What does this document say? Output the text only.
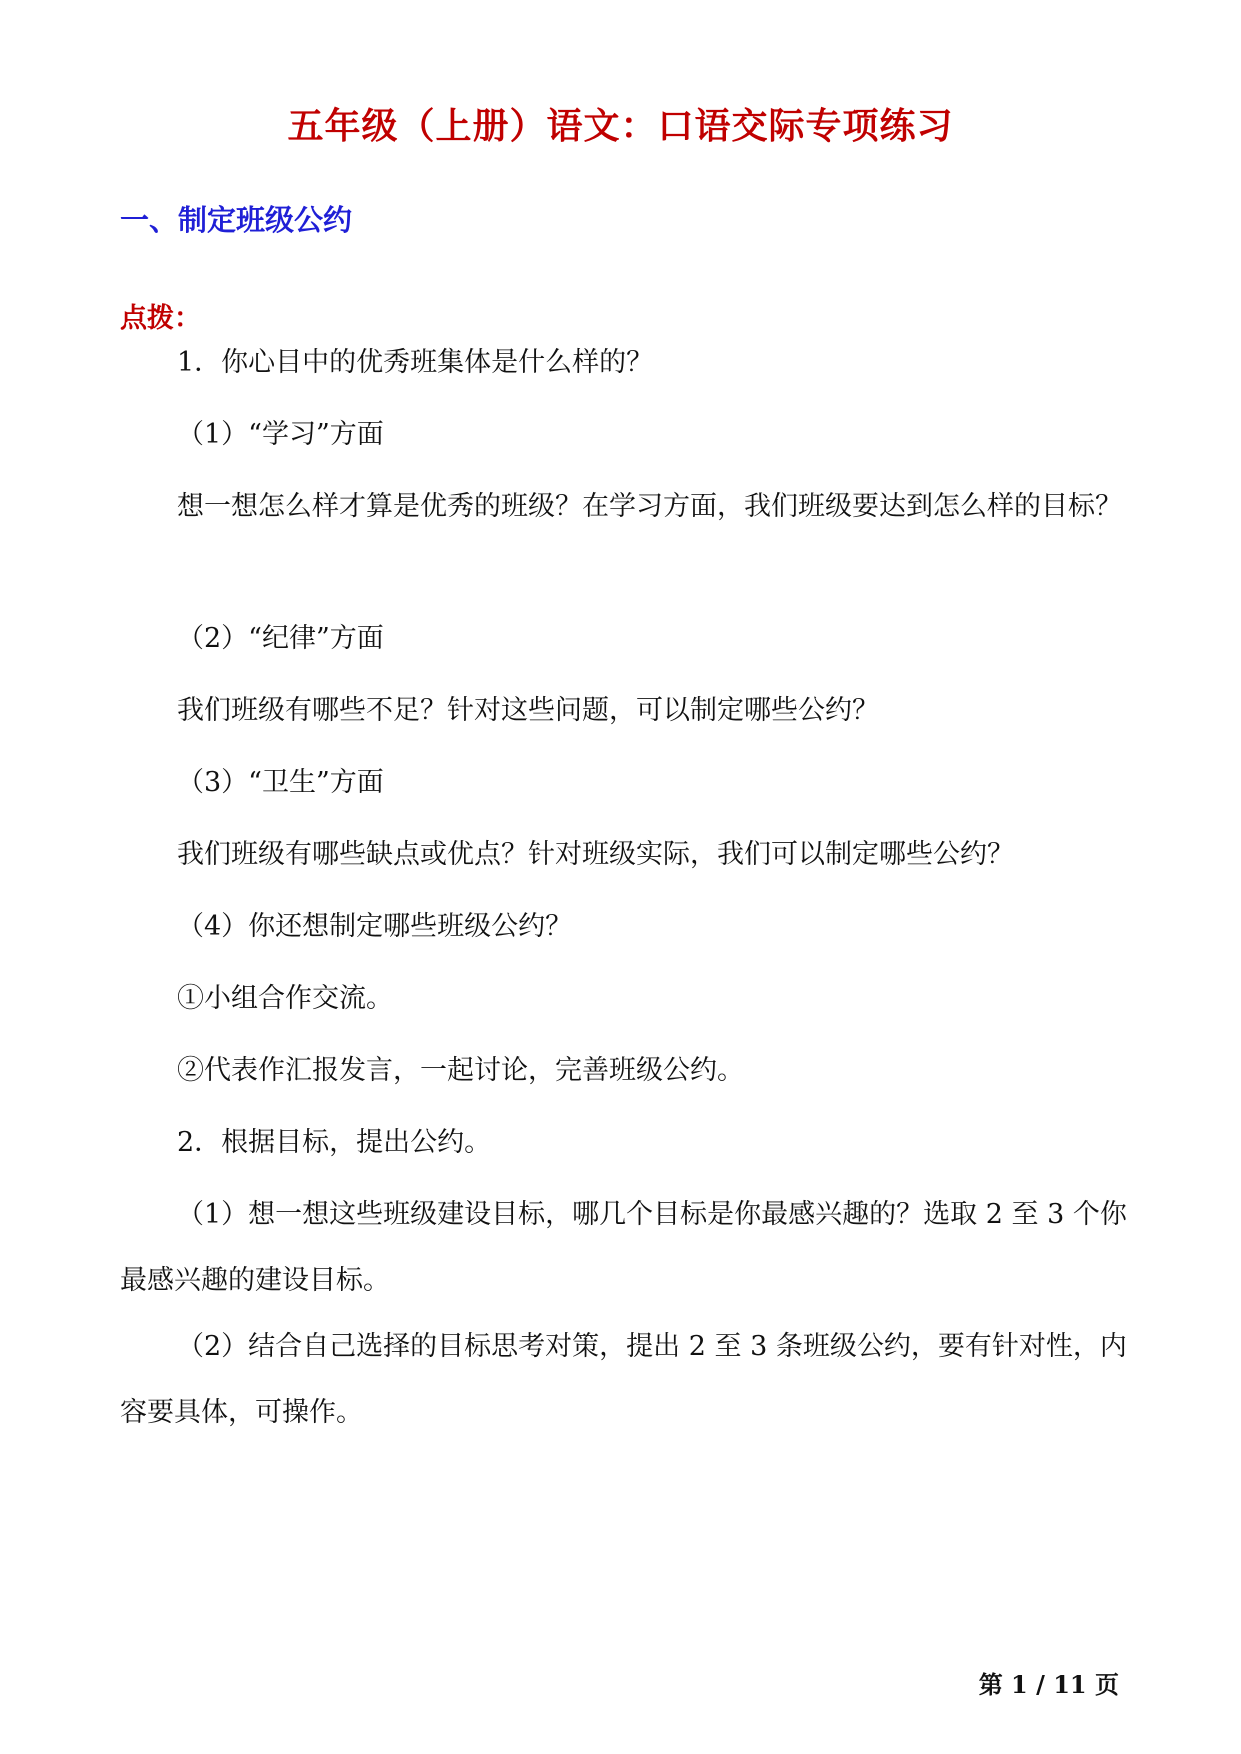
五年级（上册）语文：口语交际专项练习
一、制定班级公约
点拨：

1．你心目中的优秀班集体是什么样的？

（1）“学习”方面

想一想怎么样才算是优秀的班级？在学习方面，我们班级要达到怎么样的目标？

（2）“纪律”方面

我们班级有哪些不足？针对这些问题，可以制定哪些公约？

（3）“卫生”方面

我们班级有哪些缺点或优点？针对班级实际，我们可以制定哪些公约？

（4）你还想制定哪些班级公约？

①小组合作交流。

②代表作汇报发言，一起讨论，完善班级公约。

2．根据目标，提出公约。

（1）想一想这些班级建设目标，哪几个目标是你最感兴趣的？选取 2 至 3 个你最感兴趣的建设目标。

（2）结合自己选择的目标思考对策，提出 2 至 3 条班级公约，要有针对性，内容要具体，可操作。

第 1 / 11 页
